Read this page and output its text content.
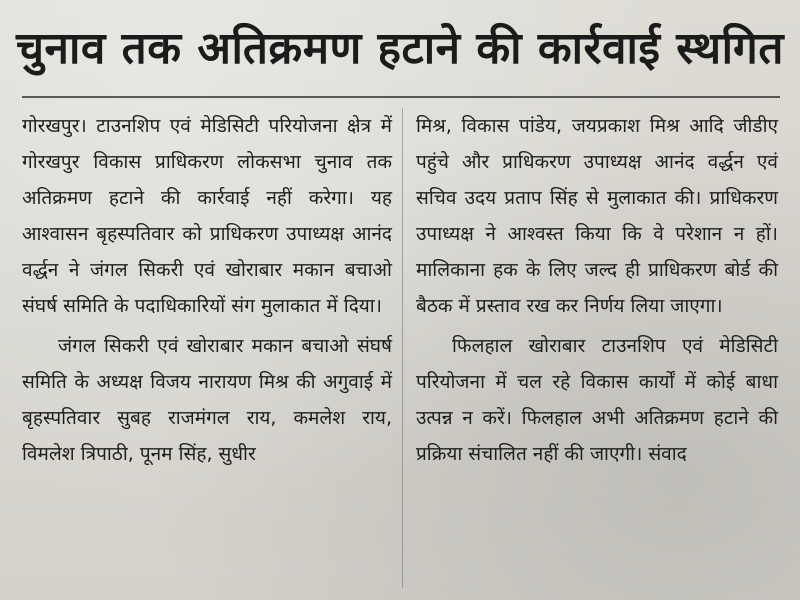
चुनाव तक अतिक्रमण हटाने की कार्रवाई स्थगित

गोरखपुर। टाउनशिप एवं मेडिसिटी परियोजना क्षेत्र में गोरखपुर विकास प्राधिकरण लोकसभा चुनाव तक अतिक्रमण हटाने की कार्रवाई नहीं करेगा। यह आश्वासन बृहस्पतिवार को प्राधिकरण उपाध्यक्ष आनंद वर्द्धन ने जंगल सिकरी एवं खोराबार मकान बचाओ संघर्ष समिति के पदाधिकारियों संग मुलाकात में दिया।

जंगल सिकरी एवं खोराबार मकान बचाओ संघर्ष समिति के अध्यक्ष विजय नारायण मिश्र की अगुवाई में बृहस्पतिवार सुबह राजमंगल राय, कमलेश राय, विमलेश त्रिपाठी, पूनम सिंह, सुधीर

मिश्र, विकास पांडेय, जयप्रकाश मिश्र आदि जीडीए पहुंचे और प्राधिकरण उपाध्यक्ष आनंद वर्द्धन एवं सचिव उदय प्रताप सिंह से मुलाकात की। प्राधिकरण उपाध्यक्ष ने आश्वस्त किया कि वे परेशान न हों। मालिकाना हक के लिए जल्द ही प्राधिकरण बोर्ड की बैठक में प्रस्ताव रख कर निर्णय लिया जाएगा।

फिलहाल खोराबार टाउनशिप एवं मेडिसिटी परियोजना में चल रहे विकास कार्यों में कोई बाधा उत्पन्न न करें। फिलहाल अभी अतिक्रमण हटाने की प्रक्रिया संचालित नहीं की जाएगी। संवाद
